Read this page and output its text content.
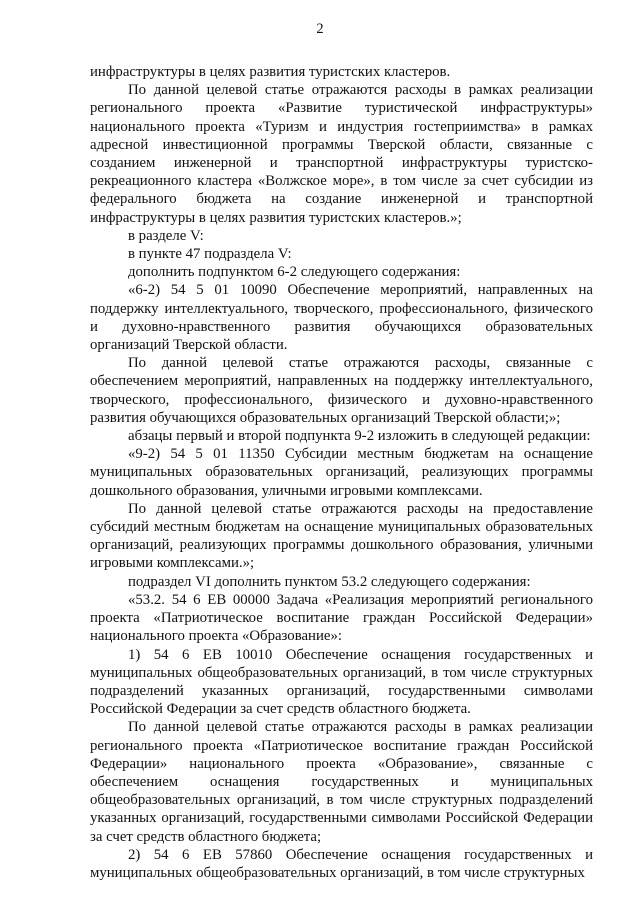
2

инфраструктуры в целях развития туристских кластеров.

По данной целевой статье отражаются расходы в рамках реализации регионального проекта «Развитие туристической инфраструктуры» национального проекта «Туризм и индустрия гостеприимства» в рамках адресной инвестиционной программы Тверской области, связанные с созданием инженерной и транспортной инфраструктуры туристско-рекреационного кластера «Волжское море», в том числе за счет субсидии из федерального бюджета на создание инженерной и транспортной инфраструктуры в целях развития туристских кластеров.»;

в разделе V:

в пункте 47 подраздела V:

дополнить подпунктом 6-2 следующего содержания:

«6-2) 54 5 01 10090 Обеспечение мероприятий, направленных на поддержку интеллектуального, творческого, профессионального, физического и духовно-нравственного развития обучающихся образовательных организаций Тверской области.

По данной целевой статье отражаются расходы, связанные с обеспечением мероприятий, направленных на поддержку интеллектуального, творческого, профессионального, физического и духовно-нравственного развития обучающихся образовательных организаций Тверской области;»;

абзацы первый и второй подпункта 9-2 изложить в следующей редакции:

«9-2) 54 5 01 11350 Субсидии местным бюджетам на оснащение муниципальных образовательных организаций, реализующих программы дошкольного образования, уличными игровыми комплексами.

По данной целевой статье отражаются расходы на предоставление субсидий местным бюджетам на оснащение муниципальных образовательных организаций, реализующих программы дошкольного образования, уличными игровыми комплексами.»;

подраздел VI дополнить пунктом 53.2 следующего содержания:

«53.2. 54 6 ЕВ 00000 Задача «Реализация мероприятий регионального проекта «Патриотическое воспитание граждан Российской Федерации» национального проекта «Образование»:

1) 54 6 ЕВ 10010 Обеспечение оснащения государственных и муниципальных общеобразовательных организаций, в том числе структурных подразделений указанных организаций, государственными символами Российской Федерации за счет средств областного бюджета.

По данной целевой статье отражаются расходы в рамках реализации регионального проекта «Патриотическое воспитание граждан Российской Федерации» национального проекта «Образование», связанные с обеспечением оснащения государственных и муниципальных общеобразовательных организаций, в том числе структурных подразделений указанных организаций, государственными символами Российской Федерации за счет средств областного бюджета;

2) 54 6 ЕВ 57860 Обеспечение оснащения государственных и муниципальных общеобразовательных организаций, в том числе структурных
